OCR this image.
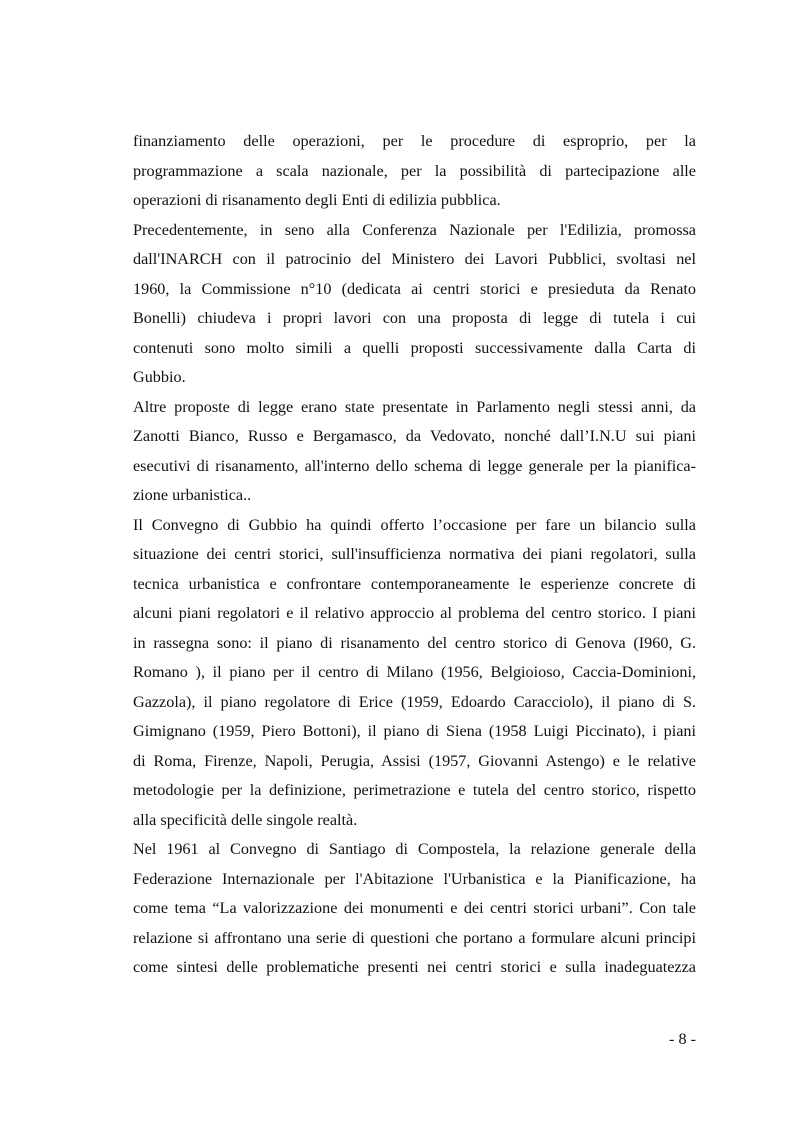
finanziamento delle operazioni, per le procedure di esproprio, per la
programmazione a scala nazionale, per la possibilità di partecipazione alle
operazioni di risanamento degli Enti di edilizia pubblica.
Precedentemente, in seno alla Conferenza Nazionale per l'Edilizia, promossa
dall'INARCH con il patrocinio del Ministero dei Lavori Pubblici, svoltasi nel
1960, la Commissione n°10 (dedicata ai centri storici e presieduta da Renato
Bonelli) chiudeva i propri lavori con una proposta di legge di tutela i cui
contenuti sono molto simili a quelli proposti successivamente dalla Carta di
Gubbio.
Altre proposte di legge erano state presentate in Parlamento negli stessi anni, da
Zanotti Bianco, Russo e Bergamasco, da Vedovato, nonché dall’I.N.U sui piani
esecutivi di risanamento, all'interno dello schema di legge generale per la pianifica-
zione urbanistica..
Il Convegno di Gubbio ha quindi offerto l’occasione per fare un bilancio sulla
situazione dei centri storici, sull'insufficienza normativa dei piani regolatori, sulla
tecnica urbanistica e confrontare contemporaneamente le esperienze concrete di
alcuni piani regolatori e il relativo approccio al problema del centro storico. I piani
in rassegna sono: il piano di risanamento del centro storico di Genova (I960, G.
Romano ), il piano per il centro di Milano (1956, Belgioioso, Caccia-Dominioni,
Gazzola), il piano regolatore di Erice (1959, Edoardo Caracciolo), il piano di S.
Gimignano (1959, Piero Bottoni), il piano di Siena (1958 Luigi Piccinato), i piani
di Roma, Firenze, Napoli, Perugia, Assisi (1957, Giovanni Astengo) e le relative
metodologie per la definizione, perimetrazione e tutela del centro storico, rispetto
alla specificità delle singole realtà.
Nel 1961 al Convegno di Santiago di Compostela, la relazione generale della
Federazione Internazionale per l'Abitazione l'Urbanistica e la Pianificazione, ha
come tema “La valorizzazione dei monumenti e dei centri storici urbani”. Con tale
relazione si affrontano una serie di questioni che portano a formulare alcuni principi
come sintesi delle problematiche presenti nei centri storici e sulla inadeguatezza
- 8 -
